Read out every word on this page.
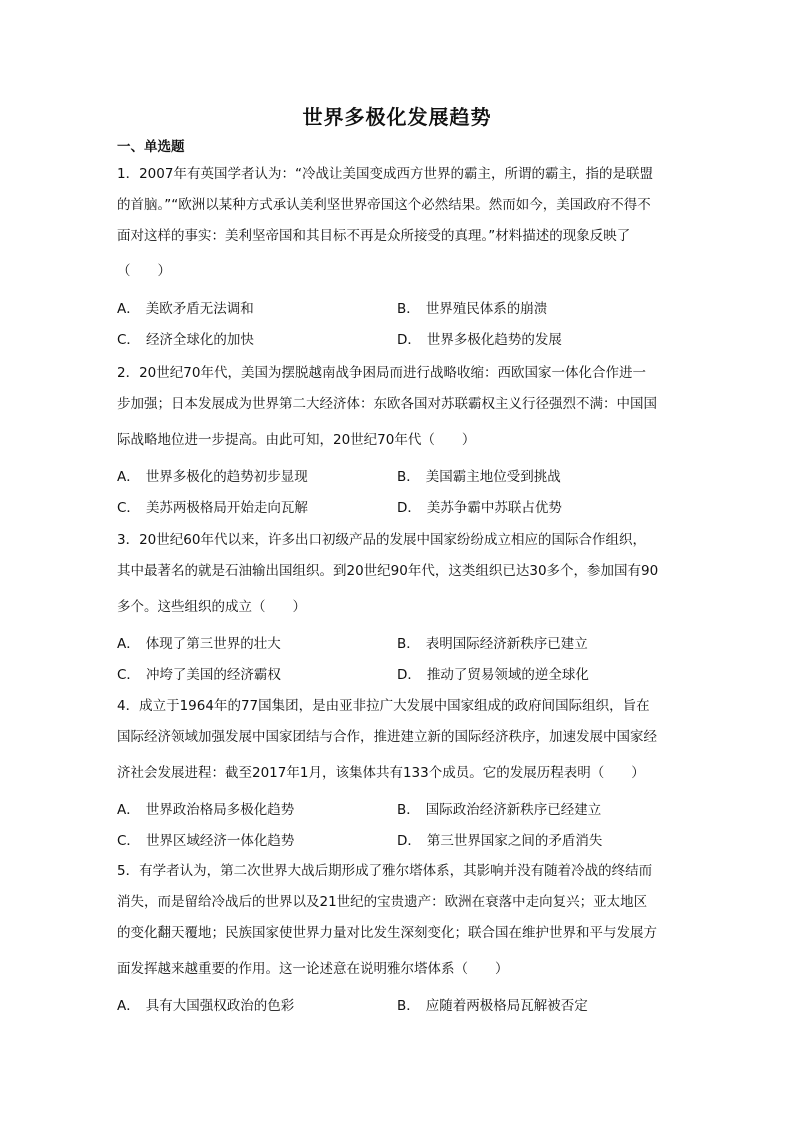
世界多极化发展趋势
一、单选题
1．2007年有英国学者认为：“冷战让美国变成西方世界的霸主，所谓的霸主，指的是联盟
的首脑。”“欧洲以某种方式承认美利坚世界帝国这个必然结果。然而如今，美国政府不得不
面对这样的事实：美利坚帝国和其目标不再是众所接受的真理。”材料描述的现象反映了
（　　）
A． 美欧矛盾无法调和	B． 世界殖民体系的崩溃
C． 经济全球化的加快	D． 世界多极化趋势的发展
2．20世纪70年代，美国为摆脱越南战争困局而进行战略收缩：西欧国家一体化合作进一
步加强；日本发展成为世界第二大经济体：东欧各国对苏联霸权主义行径强烈不满：中国国
际战略地位进一步提高。由此可知，20世纪70年代（　　）
A． 世界多极化的趋势初步显现	B． 美国霸主地位受到挑战
C． 美苏两极格局开始走向瓦解	D． 美苏争霸中苏联占优势
3．20世纪60年代以来，许多出口初级产品的发展中国家纷纷成立相应的国际合作组织，
其中最著名的就是石油输出国组织。到20世纪90年代，这类组织已达30多个，参加国有90
多个。这些组织的成立（　　）
A． 体现了第三世界的壮大	B． 表明国际经济新秩序已建立
C． 冲垮了美国的经济霸权	D． 推动了贸易领域的逆全球化
4．成立于1964年的77国集团，是由亚非拉广大发展中国家组成的政府间国际组织，旨在
国际经济领域加强发展中国家团结与合作，推进建立新的国际经济秩序，加速发展中国家经
济社会发展进程：截至2017年1月，该集体共有133个成员。它的发展历程表明（　　）
A． 世界政治格局多极化趋势	B． 国际政治经济新秩序已经建立
C． 世界区域经济一体化趋势	D． 第三世界国家之间的矛盾消失
5．有学者认为，第二次世界大战后期形成了雅尔塔体系，其影响并没有随着冷战的终结而
消失，而是留给冷战后的世界以及21世纪的宝贵遗产：欧洲在衰落中走向复兴；亚太地区
的变化翻天覆地；民族国家使世界力量对比发生深刻变化；联合国在维护世界和平与发展方
面发挥越来越重要的作用。这一论述意在说明雅尔塔体系（　　）
A． 具有大国强权政治的色彩	B． 应随着两极格局瓦解被否定
